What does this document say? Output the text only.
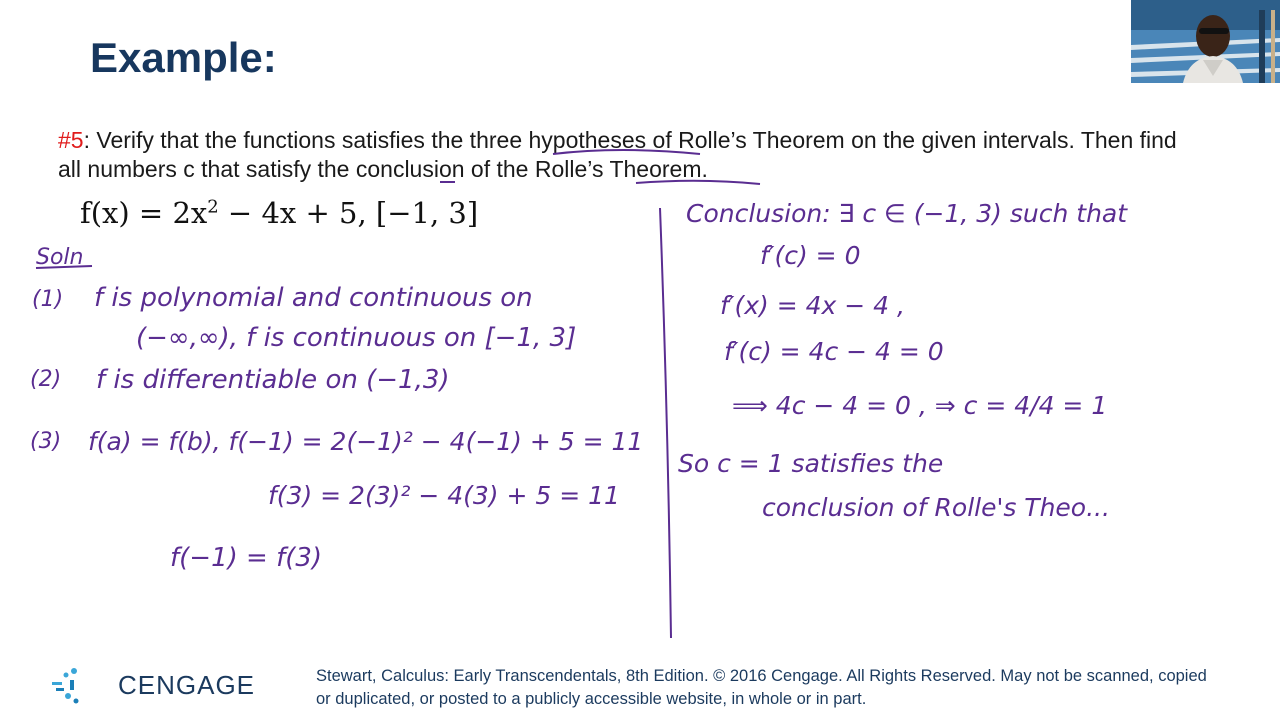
Example:
#5: Verify that the functions satisfies the three hypotheses of Rolle’s Theorem on the given intervals. Then find all numbers c that satisfy the conclusion of the Rolle’s Theorem.
$f(x) = 2x^2 - 4x + 5$, [−1, 3]
Soln
(1) f is polynomial and continuous on
(−∞,∞), f is continuous on [−1, 3]
(2) f is differentiable on (−1,3)
(3) f(a) = f(b), f(−1) = 2(−1)² − 4(−1) + 5 = 11
f(3) = 2(3)² − 4(3) + 5 = 11
f(−1) = f(3)
Conclusion: ∃ c ∈ (−1, 3) such that
f′(c) = 0
f′(x) = 4x − 4 ,
f′(c) = 4c − 4 = 0
⟹ 4c − 4 = 0 , ⇒ c = 4/4 = 1
So c = 1 satisfies the
conclusion of Rolle's Theo...
CENGAGE	Stewart, Calculus: Early Transcendentals, 8th Edition. © 2016 Cengage. All Rights Reserved. May not be scanned, copied or duplicated, or posted to a publicly accessible website, in whole or in part.
